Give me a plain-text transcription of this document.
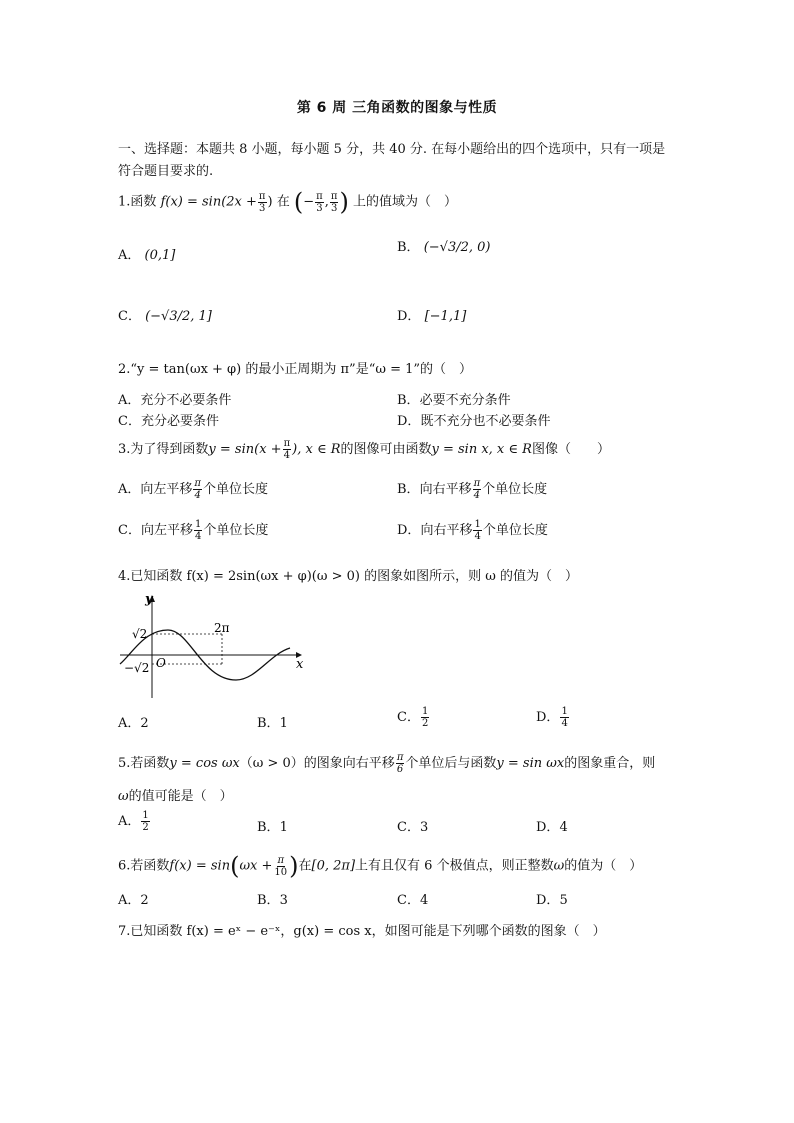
第 6 周 三角函数的图象与性质
一、选择题：本题共 8 小题，每小题 5 分，共 40 分. 在每小题给出的四个选项中，只有一项是符合题目要求的.
1.函数 $f(x) = \sin(2x + \frac{\pi}{3}$ ) 在 (− $\frac{\pi}{3}$ , $\frac{\pi}{3}$ ) 上的值域为（　）
A． (0,1]
B． (−√3/2, 0)
C． (−√3/2, 1]	D． [−1,1]
2.“y = tan(ωx + φ) 的最小正周期为 π”是“ω = 1”的（　）
A．充分不必要条件	B．必要不充分条件
C．充分必要条件	D．既不充分也不必要条件
3.为了得到函数$y = \sin(x + \frac{\pi}{4}$ ), x ∈ R的图像可由函数y = sin x, x ∈ R图像（　　）
A．向左平移 $\frac{\pi}{4}$ 个单位长度	B．向右平移 $\frac{\pi}{4}$ 个单位长度
C．向左平移 $\frac{1}{4}$ 个单位长度	D．向右平移 $\frac{1}{4}$ 个单位长度
4.已知函数 f(x) = 2sin(ωx + φ)(ω > 0) 的图象如图所示，则 ω 的值为（　）
y
x
O
√2
−√2
2π
A．2	B．1	C． $\frac{1}{2}$	D． $\frac{1}{4}$
5.若函数y = cos ωx（ω > 0）的图象向右平移 $\frac{\pi}{6}$ 个单位后与函数y = sin ωx的图象重合，则
ω的值可能是（　）
A． $\frac{1}{2}$	B．1	C．3	D．4
6.若函数$f(x) = \sin(\omega x + \frac{\pi}{10}$ )在[0, 2π]上有且仅有 6 个极值点，则正整数ω的值为（　）
A．2	B．3	C．4	D．5
7.已知函数 f(x) = eˣ − e⁻ˣ，g(x) = cos x，如图可能是下列哪个函数的图象（　）
